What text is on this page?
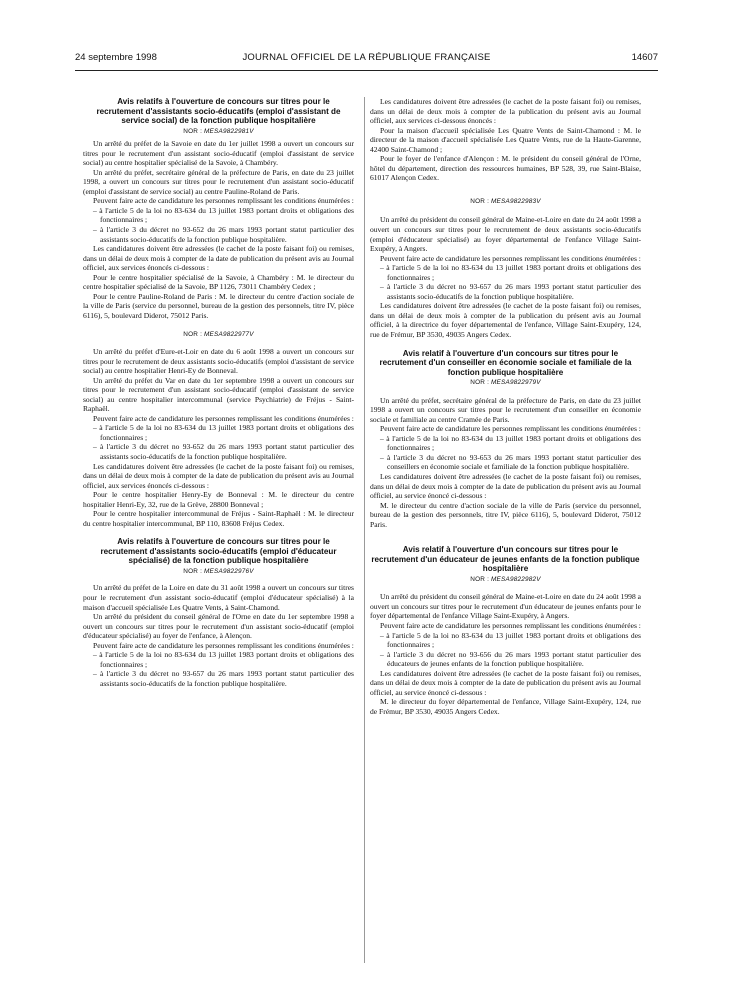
24 septembre 1998	JOURNAL OFFICIEL DE LA RÉPUBLIQUE FRANÇAISE	14607

Avis relatifs à l'ouverture de concours sur titres pour le recrutement d'assistants socio-éducatifs (emploi d'assistant de service social) de la fonction publique hospitalière

NOR : MESA9822981V

Un arrêté du préfet de la Savoie en date du 1er juillet 1998 a ouvert un concours sur titres pour le recrutement d'un assistant socio-éducatif (emploi d'assistant de service social) au centre hospitalier spécialisé de la Savoie, à Chambéry.

Un arrêté du préfet, secrétaire général de la préfecture de Paris, en date du 23 juillet 1998, a ouvert un concours sur titres pour le recrutement d'un assistant socio-éducatif (emploi d'assistant de service social) au centre Pauline-Roland de Paris.

Peuvent faire acte de candidature les personnes remplissant les conditions énumérées :

– à l'article 5 de la loi no 83-634 du 13 juillet 1983 portant droits et obligations des fonctionnaires ;

– à l'article 3 du décret no 93-652 du 26 mars 1993 portant statut particulier des assistants socio-éducatifs de la fonction publique hospitalière.

Les candidatures doivent être adressées (le cachet de la poste faisant foi) ou remises, dans un délai de deux mois à compter de la date de publication du présent avis au Journal officiel, aux services énoncés ci-dessous :

Pour le centre hospitalier spécialisé de la Savoie, à Chambéry : M. le directeur du centre hospitalier spécialisé de la Savoie, BP 1126, 73011 Chambéry Cedex ;

Pour le centre Pauline-Roland de Paris : M. le directeur du centre d'action sociale de la ville de Paris (service du personnel, bureau de la gestion des personnels, titre IV, pièce 6116), 5, boulevard Diderot, 75012 Paris.

NOR : MESA9822977V

Un arrêté du préfet d'Eure-et-Loir en date du 6 août 1998 a ouvert un concours sur titres pour le recrutement de deux assistants socio-éducatifs (emploi d'assistant de service social) au centre hospitalier Henri-Ey de Bonneval.

Un arrêté du préfet du Var en date du 1er septembre 1998 a ouvert un concours sur titres pour le recrutement d'un assistant socio-éducatif (emploi d'assistant de service social) au centre hospitalier intercommunal (service Psychiatrie) de Fréjus - Saint-Raphaël.

Peuvent faire acte de candidature les personnes remplissant les conditions énumérées :

– à l'article 5 de la loi no 83-634 du 13 juillet 1983 portant droits et obligations des fonctionnaires ;

– à l'article 3 du décret no 93-652 du 26 mars 1993 portant statut particulier des assistants socio-éducatifs de la fonction publique hospitalière.

Les candidatures doivent être adressées (le cachet de la poste faisant foi) ou remises, dans un délai de deux mois à compter de la date de publication du présent avis au Journal officiel, aux services énoncés ci-dessous :

Pour le centre hospitalier Henry-Ey de Bonneval : M. le directeur du centre hospitalier Henri-Ey, 32, rue de la Grève, 28800 Bonneval ;

Pour le centre hospitalier intercommunal de Fréjus - Saint-Raphaël : M. le directeur du centre hospitalier intercommunal, BP 110, 83608 Fréjus Cedex.

Avis relatifs à l'ouverture de concours sur titres pour le recrutement d'assistants socio-éducatifs (emploi d'éducateur spécialisé) de la fonction publique hospitalière

NOR : MESA9822976V

Un arrêté du préfet de la Loire en date du 31 août 1998 a ouvert un concours sur titres pour le recrutement d'un assistant socio-éducatif (emploi d'éducateur spécialisé) à la maison d'accueil spécialisée Les Quatre Vents, à Saint-Chamond.

Un arrêté du président du conseil général de l'Orne en date du 1er septembre 1998 a ouvert un concours sur titres pour le recrutement d'un assistant socio-éducatif (emploi d'éducateur spécialisé) au foyer de l'enfance, à Alençon.

Peuvent faire acte de candidature les personnes remplissant les conditions énumérées :

– à l'article 5 de la loi no 83-634 du 13 juillet 1983 portant droits et obligations des fonctionnaires ;

– à l'article 3 du décret no 93-657 du 26 mars 1993 portant statut particulier des assistants socio-éducatifs de la fonction publique hospitalière.

Les candidatures doivent être adressées (le cachet de la poste faisant foi) ou remises, dans un délai de deux mois à compter de la publication du présent avis au Journal officiel, aux services ci-dessous énoncés :

Pour la maison d'accueil spécialisée Les Quatre Vents de Saint-Chamond : M. le directeur de la maison d'accueil spécialisée Les Quatre Vents, rue de la Haute-Garenne, 42400 Saint-Chamond ;

Pour le foyer de l'enfance d'Alençon : M. le président du conseil général de l'Orne, hôtel du département, direction des ressources humaines, BP 528, 39, rue Saint-Blaise, 61017 Alençon Cedex.

NOR : MESA9822983V

Un arrêté du président du conseil général de Maine-et-Loire en date du 24 août 1998 a ouvert un concours sur titres pour le recrutement de deux assistants socio-éducatifs (emploi d'éducateur spécialisé) au foyer départemental de l'enfance Village Saint-Exupéry, à Angers.

Peuvent faire acte de candidature les personnes remplissant les conditions énumérées :

– à l'article 5 de la loi no 83-634 du 13 juillet 1983 portant droits et obligations des fonctionnaires ;

– à l'article 3 du décret no 93-657 du 26 mars 1993 portant statut particulier des assistants socio-éducatifs de la fonction publique hospitalière.

Les candidatures doivent être adressées (le cachet de la poste faisant foi) ou remises, dans un délai de deux mois à compter de la publication du présent avis au Journal officiel, à la directrice du foyer départemental de l'enfance, Village Saint-Exupéry, 124, rue de Frémur, BP 3530, 49035 Angers Cedex.

Avis relatif à l'ouverture d'un concours sur titres pour le recrutement d'un conseiller en économie sociale et familiale de la fonction publique hospitalière

NOR : MESA9822979V

Un arrêté du préfet, secrétaire général de la préfecture de Paris, en date du 23 juillet 1998 a ouvert un concours sur titres pour le recrutement d'un conseiller en économie sociale et familiale au centre Cramée de Paris.

Peuvent faire acte de candidature les personnes remplissant les conditions énumérées :

– à l'article 5 de la loi no 83-634 du 13 juillet 1983 portant droits et obligations des fonctionnaires ;

– à l'article 3 du décret no 93-653 du 26 mars 1993 portant statut particulier des conseillers en économie sociale et familiale de la fonction publique hospitalière.

Les candidatures doivent être adressées (le cachet de la poste faisant foi) ou remises, dans un délai de deux mois à compter de la date de publication du présent avis au Journal officiel, au service énoncé ci-dessous :

M. le directeur du centre d'action sociale de la ville de Paris (service du personnel, bureau de la gestion des personnels, titre IV, pièce 6116), 5, boulevard Diderot, 75012 Paris.

Avis relatif à l'ouverture d'un concours sur titres pour le recrutement d'un éducateur de jeunes enfants de la fonction publique hospitalière

NOR : MESA9822982V

Un arrêté du président du conseil général de Maine-et-Loire en date du 24 août 1998 a ouvert un concours sur titres pour le recrutement d'un éducateur de jeunes enfants pour le foyer départemental de l'enfance Village Saint-Exupéry, à Angers.

Peuvent faire acte de candidature les personnes remplissant les conditions énumérées :

– à l'article 5 de la loi no 83-634 du 13 juillet 1983 portant droits et obligations des fonctionnaires ;

– à l'article 3 du décret no 93-656 du 26 mars 1993 portant statut particulier des éducateurs de jeunes enfants de la fonction publique hospitalière.

Les candidatures doivent être adressées (le cachet de la poste faisant foi) ou remises, dans un délai de deux mois à compter de la date de publication du présent avis au Journal officiel, au service énoncé ci-dessous :

M. le directeur du foyer départemental de l'enfance, Village Saint-Exupéry, 124, rue de Frémur, BP 3530, 49035 Angers Cedex.
